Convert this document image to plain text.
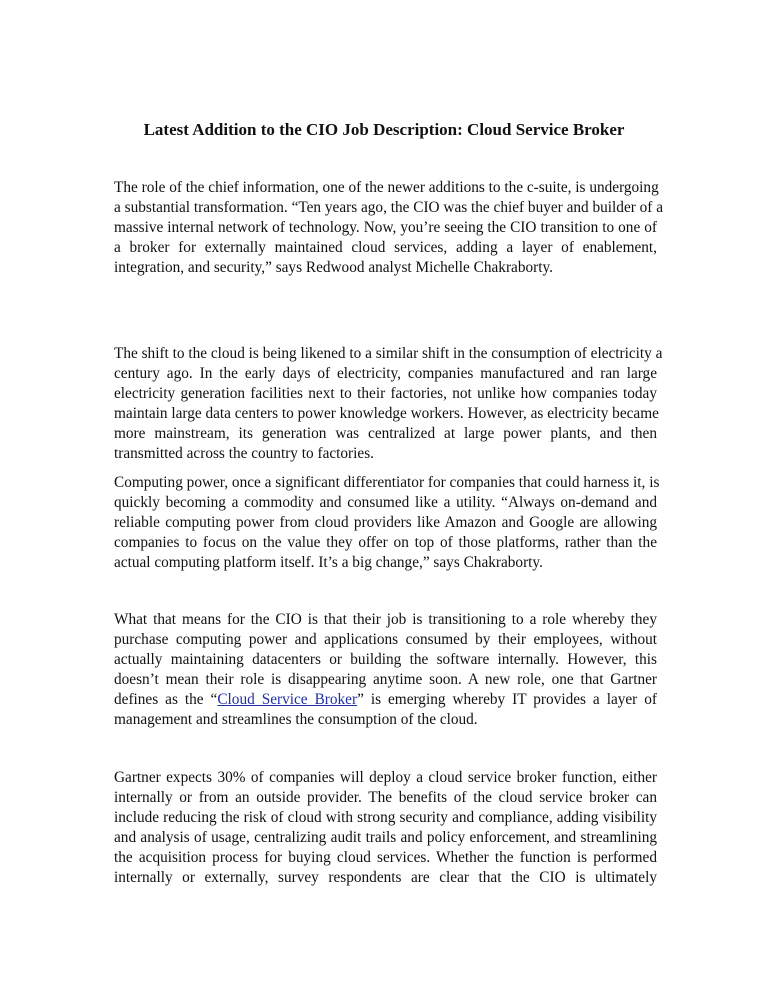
Latest Addition to the CIO Job Description: Cloud Service Broker
The role of the chief information, one of the newer additions to the c-suite, is undergoing
a substantial transformation. “Ten years ago, the CIO was the chief buyer and builder of a
massive internal network of technology. Now, you’re seeing the CIO transition to one of
a broker for externally maintained cloud services, adding a layer of enablement,
integration, and security,” says Redwood analyst Michelle Chakraborty.
The shift to the cloud is being likened to a similar shift in the consumption of electricity a
century ago. In the early days of electricity, companies manufactured and ran large
electricity generation facilities next to their factories, not unlike how companies today
maintain large data centers to power knowledge workers. However, as electricity became
more mainstream, its generation was centralized at large power plants, and then
transmitted across the country to factories.
Computing power, once a significant differentiator for companies that could harness it, is
quickly becoming a commodity and consumed like a utility. “Always on-demand and
reliable computing power from cloud providers like Amazon and Google are allowing
companies to focus on the value they offer on top of those platforms, rather than the
actual computing platform itself. It’s a big change,” says Chakraborty.
What that means for the CIO is that their job is transitioning to a role whereby they
purchase computing power and applications consumed by their employees, without
actually maintaining datacenters or building the software internally. However, this
doesn’t mean their role is disappearing anytime soon. A new role, one that Gartner
defines as the “Cloud Service Broker” is emerging whereby IT provides a layer of
management and streamlines the consumption of the cloud.
Gartner expects 30% of companies will deploy a cloud service broker function, either
internally or from an outside provider. The benefits of the cloud service broker can
include reducing the risk of cloud with strong security and compliance, adding visibility
and analysis of usage, centralizing audit trails and policy enforcement, and streamlining
the acquisition process for buying cloud services. Whether the function is performed
internally or externally, survey respondents are clear that the CIO is ultimately
